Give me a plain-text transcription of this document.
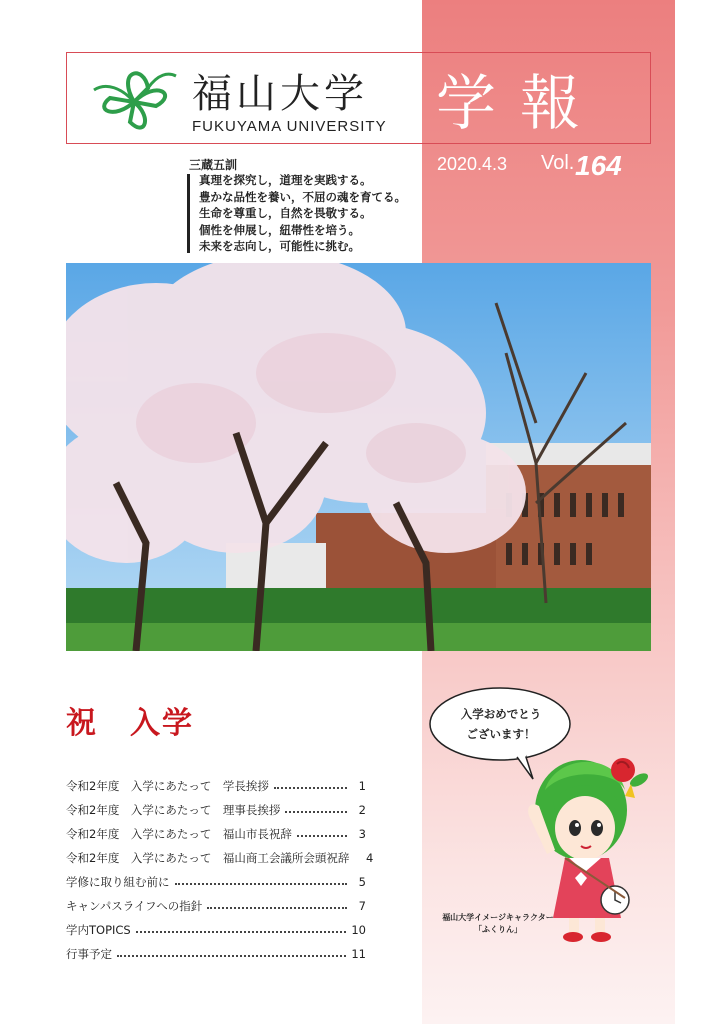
福山大学
FUKUYAMA UNIVERSITY 学報
2020.4.3 Vol. 164
三蔵五訓
真理を探究し，道理を実践する。
豊かな品性を養い，不屈の魂を育てる。
生命を尊重し，自然を畏敬する。
個性を伸展し，紐帯性を培う。
未来を志向し，可能性に挑む。
祝　入学
令和2年度　入学にあたって　学長挨拶	1
令和2年度　入学にあたって　理事長挨拶	2
令和2年度　入学にあたって　福山市長祝辞	3
令和2年度　入学にあたって　福山商工会議所会頭祝辞	4
学修に取り組む前に	5
キャンパスライフへの指針	7
学内TOPICS	10
行事予定	11
入学おめでとう
ございます！
福山大学イメージキャラクター
「ふくりん」
